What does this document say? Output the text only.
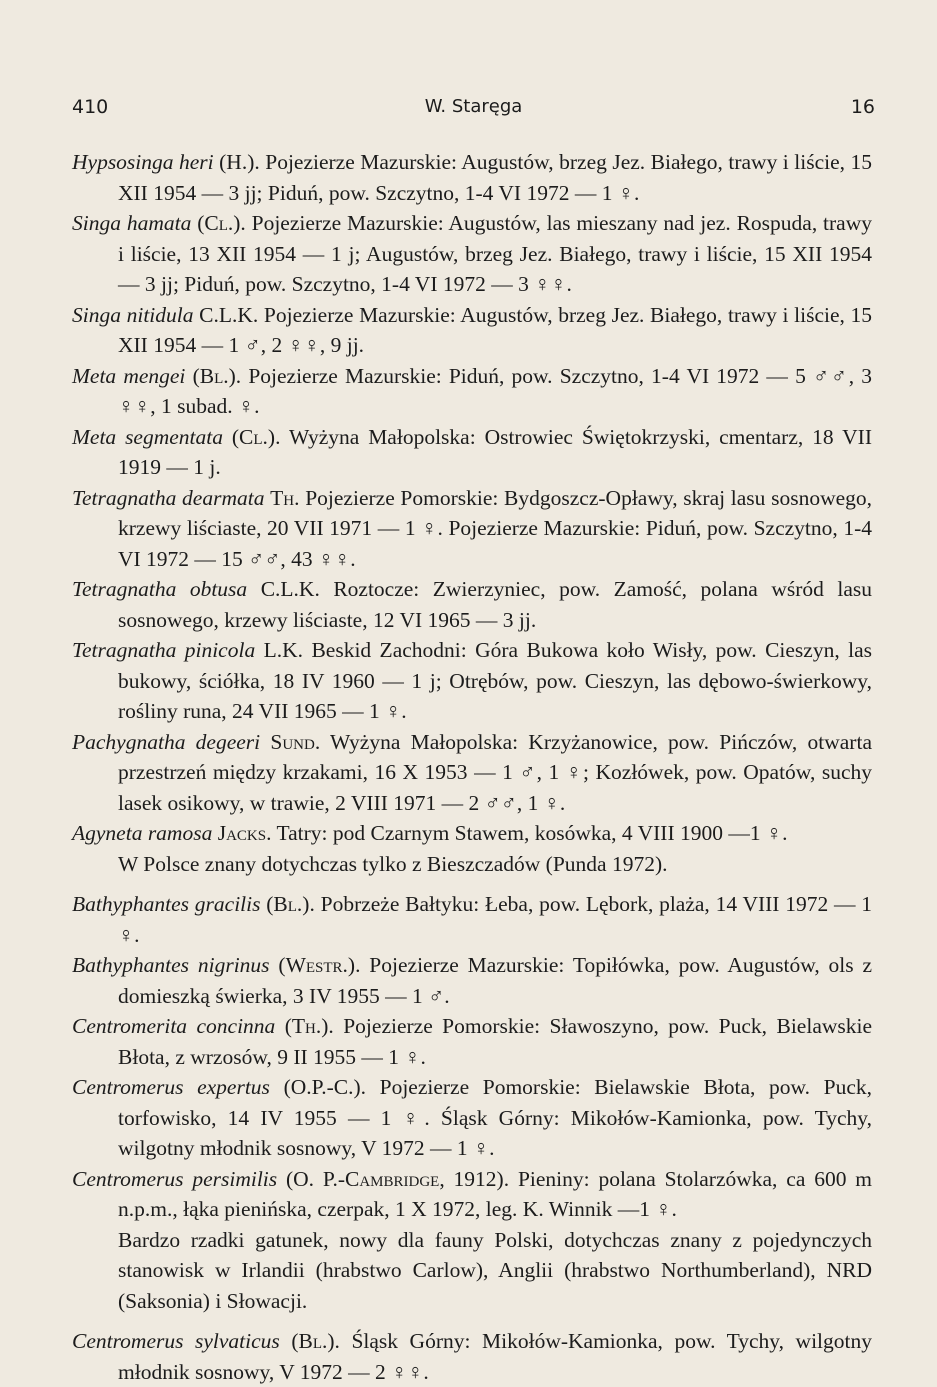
410	W. Staręga	16

Hypsosinga heri (H.). Pojezierze Mazurskie: Augustów, brzeg Jez. Białego, trawy i liście, 15 XII 1954 — 3 jj; Piduń, pow. Szczytno, 1-4 VI 1972 — 1 ♀.

Singa hamata (Cl.). Pojezierze Mazurskie: Augustów, las mieszany nad jez. Rospuda, trawy i liście, 13 XII 1954 — 1 j; Augustów, brzeg Jez. Białego, trawy i liście, 15 XII 1954 — 3 jj; Piduń, pow. Szczytno, 1-4 VI 1972 — 3 ♀♀.

Singa nitidula C.L.K. Pojezierze Mazurskie: Augustów, brzeg Jez. Białego, trawy i liście, 15 XII 1954 — 1 ♂, 2 ♀♀, 9 jj.

Meta mengei (Bl.). Pojezierze Mazurskie: Piduń, pow. Szczytno, 1-4 VI 1972 — 5 ♂♂, 3 ♀♀, 1 subad. ♀.

Meta segmentata (Cl.). Wyżyna Małopolska: Ostrowiec Świętokrzyski, cmentarz, 18 VII 1919 — 1 j.

Tetragnatha dearmata Th. Pojezierze Pomorskie: Bydgoszcz-Opławy, skraj lasu sosnowego, krzewy liściaste, 20 VII 1971 — 1 ♀. Pojezierze Mazurskie: Piduń, pow. Szczytno, 1-4 VI 1972 — 15 ♂♂, 43 ♀♀.

Tetragnatha obtusa C.L.K. Roztocze: Zwierzyniec, pow. Zamość, polana wśród lasu sosnowego, krzewy liściaste, 12 VI 1965 — 3 jj.

Tetragnatha pinicola L.K. Beskid Zachodni: Góra Bukowa koło Wisły, pow. Cieszyn, las bukowy, ściółka, 18 IV 1960 — 1 j; Otrębów, pow. Cieszyn, las dębowo-świerkowy, rośliny runa, 24 VII 1965 — 1 ♀.

Pachygnatha degeeri Sund. Wyżyna Małopolska: Krzyżanowice, pow. Pińczów, otwarta przestrzeń między krzakami, 16 X 1953 — 1 ♂, 1 ♀; Kozłówek, pow. Opatów, suchy lasek osikowy, w trawie, 2 VIII 1971 — 2 ♂♂, 1 ♀.

Agyneta ramosa Jacks. Tatry: pod Czarnym Stawem, kosówka, 4 VIII 1900 —1 ♀.

W Polsce znany dotychczas tylko z Bieszczadów (Punda 1972).

Bathyphantes gracilis (Bl.). Pobrzeże Bałtyku: Łeba, pow. Lębork, plaża, 14 VIII 1972 — 1 ♀.

Bathyphantes nigrinus (Westr.). Pojezierze Mazurskie: Topiłówka, pow. Augustów, ols z domieszką świerka, 3 IV 1955 — 1 ♂.

Centromerita concinna (Th.). Pojezierze Pomorskie: Sławoszyno, pow. Puck, Bielawskie Błota, z wrzosów, 9 II 1955 — 1 ♀.

Centromerus expertus (O.P.-C.). Pojezierze Pomorskie: Bielawskie Błota, pow. Puck, torfowisko, 14 IV 1955 — 1 ♀. Śląsk Górny: Mikołów-Kamionka, pow. Tychy, wilgotny młodnik sosnowy, V 1972 — 1 ♀.

Centromerus persimilis (O. P.-Cambridge, 1912). Pieniny: polana Stolarzówka, ca 600 m n.p.m., łąka pienińska, czerpak, 1 X 1972, leg. K. Winnik —1 ♀.

Bardzo rzadki gatunek, nowy dla fauny Polski, dotychczas znany z pojedynczych stanowisk w Irlandii (hrabstwo Carlow), Anglii (hrabstwo Northumberland), NRD (Saksonia) i Słowacji.

Centromerus sylvaticus (Bl.). Śląsk Górny: Mikołów-Kamionka, pow. Tychy, wilgotny młodnik sosnowy, V 1972 — 2 ♀♀.
